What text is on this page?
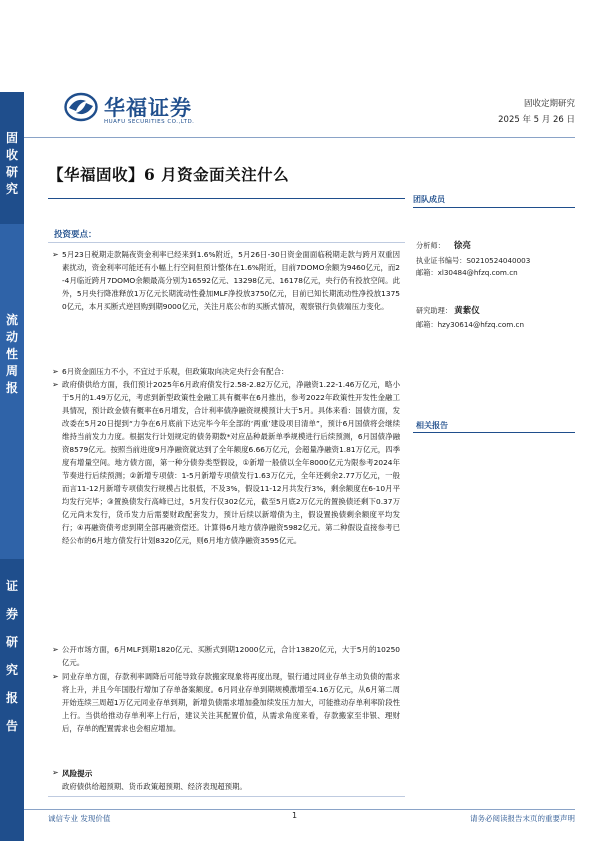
固
收
研
究
流
动
性
周
报
证

券

研

究

报

告
华福证券
HUAFU SECURITIES CO.,LTD.
固收定期研究
2025 年 5 月 26 日
【华福固收】6 月资金面关注什么
团队成员
分析师： 徐亮
执业证书编号：S0210524040003
邮箱：xl30484@hfzq.com.cn
研究助理： 黄紫仪
邮箱：hzy30614@hfzq.com.cn
相关报告
投资要点：
➢ 5月23日税期走款隔夜资金利率已经来到1.6%附近，5月26日-30日资金面面临税期走款与跨月双重因素扰动，资金利率可能还有小幅上行空间但预计整体在1.6%附近，目前7DOMO余额为9460亿元，而2-4月临近跨月7DOMO余额最高分别为16592亿元、13298亿元、16178亿元，央行仍有投放空间。此外，5月央行降准释放1万亿元长期流动性叠加MLF净投放3750亿元，目前已知长期流动性净投放13750亿元，本月买断式逆回购到期9000亿元，关注月底公布的买断式情况，观察银行负债端压力变化。
➢ 6月资金面压力不小，不宜过于乐观，但政策取向决定央行会有配合：
➢ 政府债供给方面，我们预计2025年6月政府债发行2.58-2.82万亿元，净融资1.22-1.46万亿元，略小于5月的1.49万亿元，考虑到新型政策性金融工具有概率在6月推出，参考2022年政策性开发性金融工具情况，预计政金债有概率在6月增发，合计利率债净融资规模预计大于5月。具体来看：国债方面，发改委在5月20日提到“力争在6月底前下达完毕今年全部的‘两重’建设项目清单”，预计6月国债将会继续维持当前发力力度。根据发行计划规定的债务期数*对应品种最新单季规模进行后续预测，6月国债净融资8579亿元。按照当前进度9月净融资就达到了全年额度6.66万亿元，会超量净融资1.81万亿元，四季度有增量空间。地方债方面，第一种分债券类型假设，①新增一般债以全年8000亿元为限参考2024年节奏进行后续预测；②新增专项债：1-5月新增专项债发行1.63万亿元，全年还剩余2.77万亿元，一般而言11-12月新增专项债发行规模占比很低，不及3%，假设11-12月共发行3%，剩余额度在6-10月平均发行完毕；③置换债发行高峰已过，5月发行仅302亿元，截至5月底2万亿元的置换债还剩下0.37万亿元尚未发行，货币发力后需要财政配套发力，预计后续以新增债为主，假设置换债剩余额度平均发行；④再融资债考虑到期全部再融资偿还。计算得6月地方债净融资5982亿元。第二种假设直接参考已经公布的6月地方债发行计划8320亿元，则6月地方债净融资3595亿元。
➢ 公开市场方面，6月MLF到期1820亿元、买断式到期12000亿元，合计13820亿元，大于5月的10250亿元。
➢ 同业存单方面，存款利率调降后可能导致存款搬家现象将再度出现，银行通过同业存单主动负债的需求将上升，并且今年国股行增加了存单备案额度。6月同业存单到期规模激增至4.16万亿元，从6月第二周开始连续三周超1万亿元同业存单到期，新增负债需求增加叠加续发压力加大，可能推动存单利率阶段性上行。当供给推动存单利率上行后，建议关注其配置价值，从需求角度来看，存款搬家至非银、理财后，存单的配置需求也会相应增加。
➢ 风险提示
政府债供给超预期、货币政策超预期、经济表现超预期。
诚信专业 发现价值	1	请务必阅读报告末页的重要声明
